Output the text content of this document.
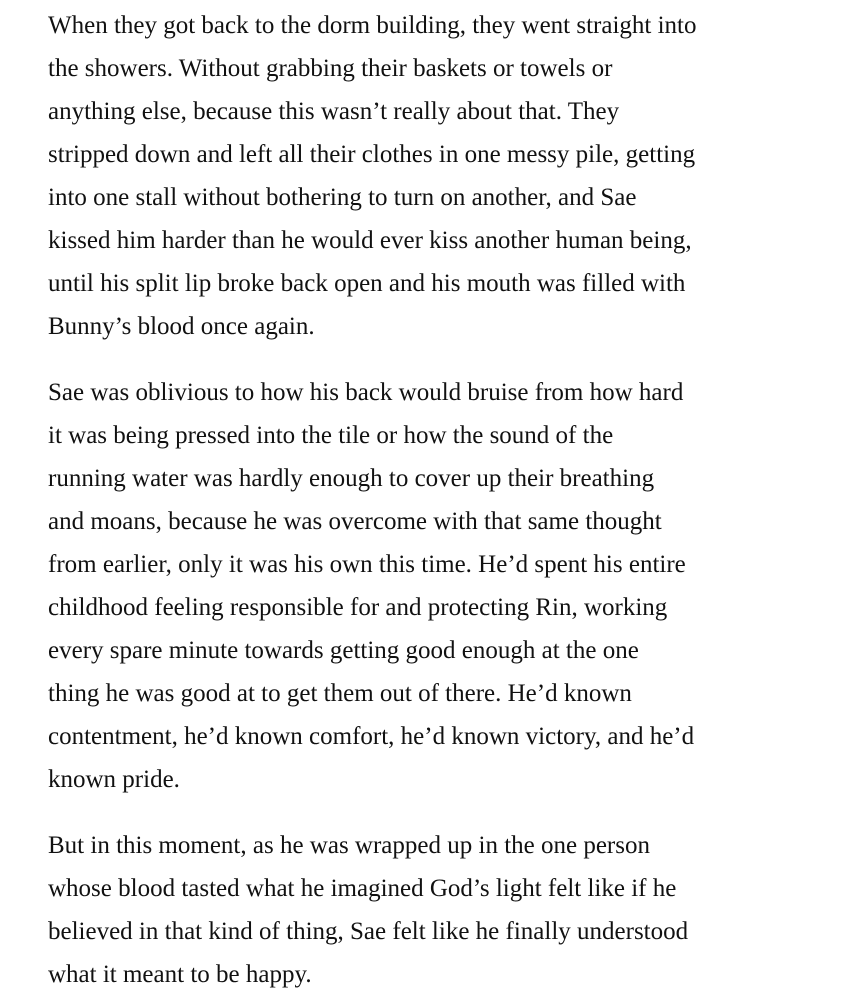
When they got back to the dorm building, they went straight into
the showers. Without grabbing their baskets or towels or
anything else, because this wasn’t really about that. They
stripped down and left all their clothes in one messy pile, getting
into one stall without bothering to turn on another, and Sae
kissed him harder than he would ever kiss another human being,
until his split lip broke back open and his mouth was filled with
Bunny’s blood once again.

Sae was oblivious to how his back would bruise from how hard
it was being pressed into the tile or how the sound of the
running water was hardly enough to cover up their breathing
and moans, because he was overcome with that same thought
from earlier, only it was his own this time. He’d spent his entire
childhood feeling responsible for and protecting Rin, working
every spare minute towards getting good enough at the one
thing he was good at to get them out of there. He’d known
contentment, he’d known comfort, he’d known victory, and he’d
known pride.

But in this moment, as he was wrapped up in the one person
whose blood tasted what he imagined God’s light felt like if he
believed in that kind of thing, Sae felt like he finally understood
what it meant to be happy.
